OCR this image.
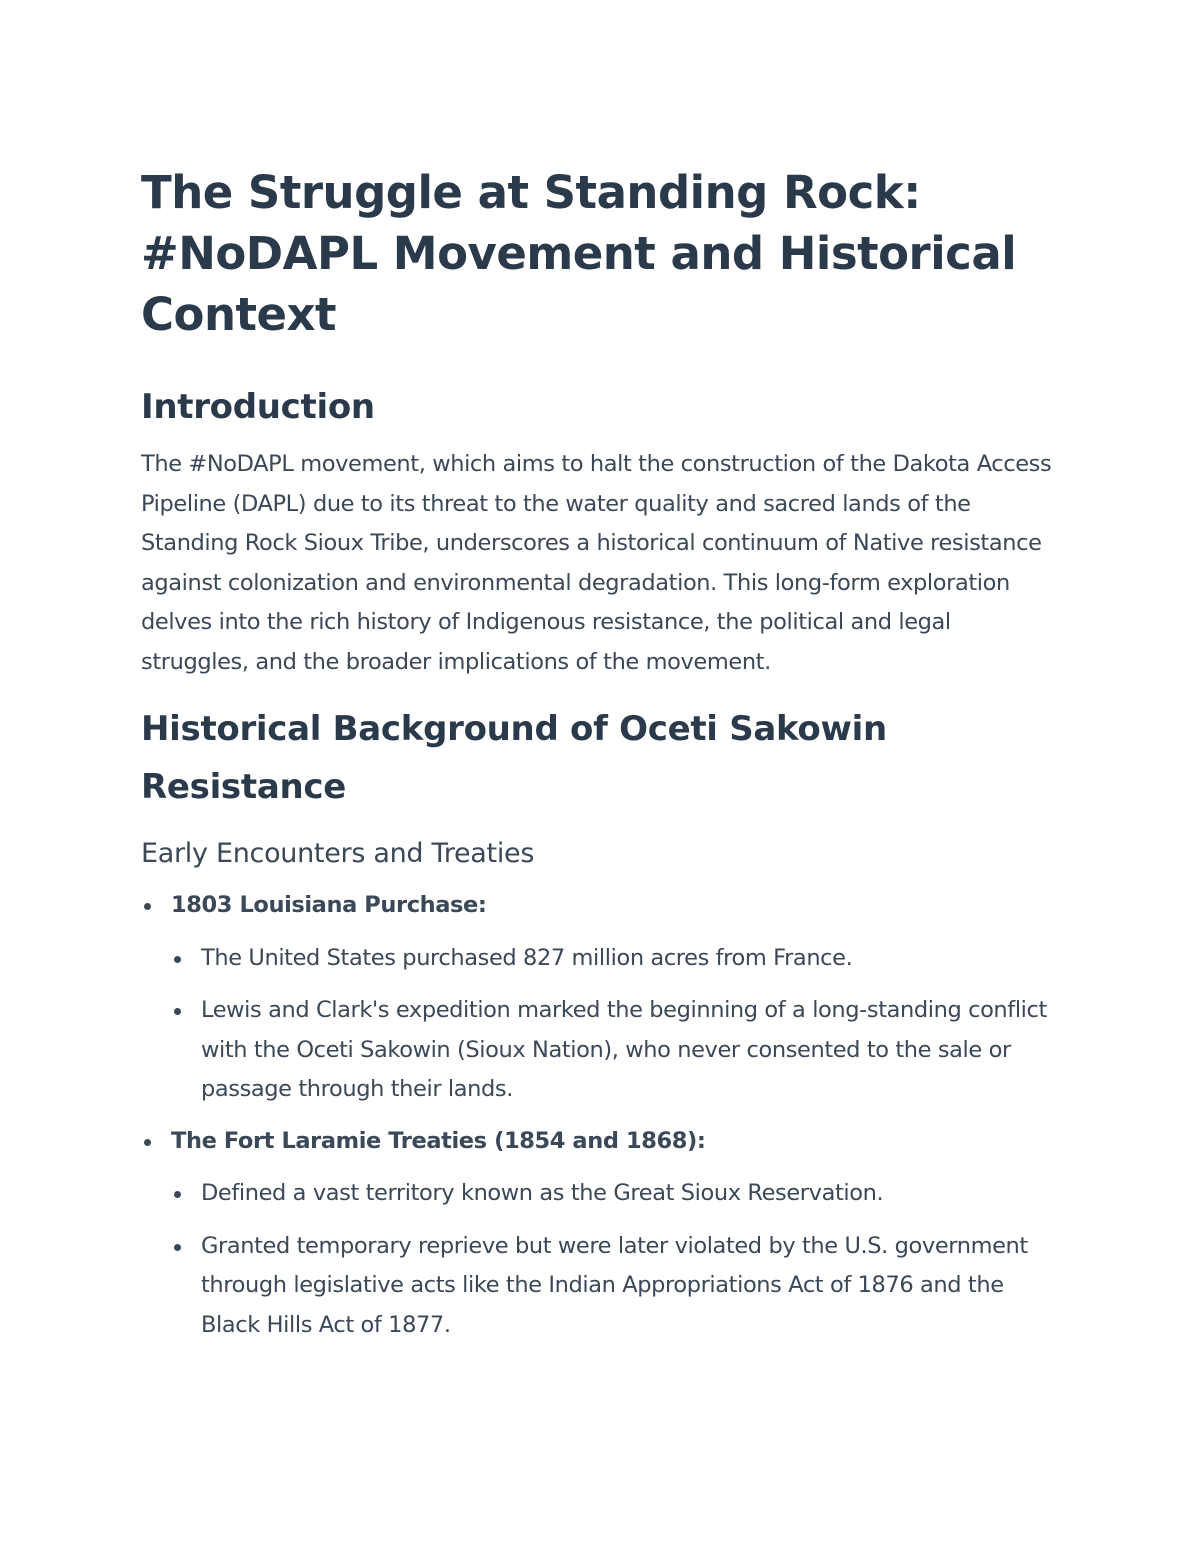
The Struggle at Standing Rock: #NoDAPL Movement and Historical Context
Introduction

The #NoDAPL movement, which aims to halt the construction of the Dakota Access Pipeline (DAPL) due to its threat to the water quality and sacred lands of the Standing Rock Sioux Tribe, underscores a historical continuum of Native resistance against colonization and environmental degradation. This long-form exploration delves into the rich history of Indigenous resistance, the political and legal struggles, and the broader implications of the movement.

Historical Background of Oceti Sakowin Resistance
Early Encounters and Treaties
1803 Louisiana Purchase:
The United States purchased 827 million acres from France.
Lewis and Clark's expedition marked the beginning of a long-standing conflict with the Oceti Sakowin (Sioux Nation), who never consented to the sale or passage through their lands.
The Fort Laramie Treaties (1854 and 1868):
Defined a vast territory known as the Great Sioux Reservation.
Granted temporary reprieve but were later violated by the U.S. government through legislative acts like the Indian Appropriations Act of 1876 and the Black Hills Act of 1877.
